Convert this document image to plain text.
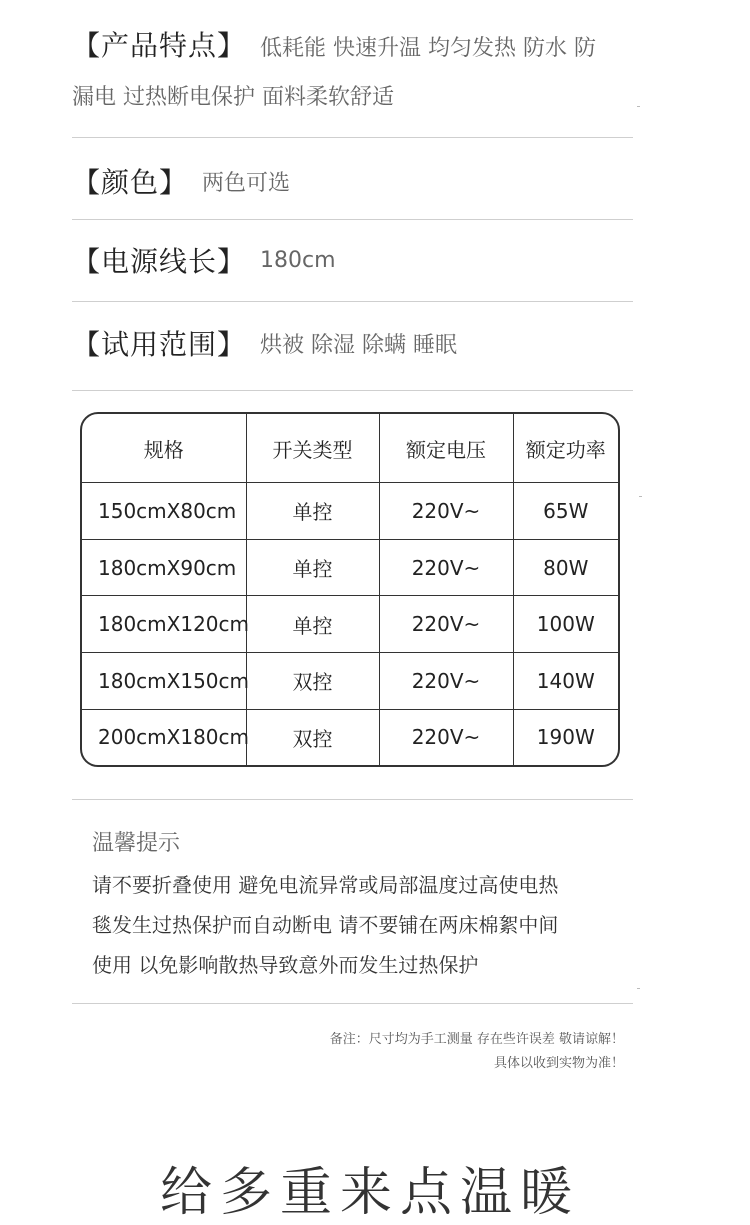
【产品特点】 低耗能 快速升温 均匀发热 防水 防
漏电 过热断电保护 面料柔软舒适
【颜色】 两色可选
【电源线长】 180cm
【试用范围】 烘被 除湿 除螨 睡眠
规格	开关类型	额定电压	额定功率
150cmX80cm	单控	220V~	65W
180cmX90cm	单控	220V~	80W
180cmX120cm	单控	220V~	100W
180cmX150cm	双控	220V~	140W
200cmX180cm	双控	220V~	190W
温馨提示
请不要折叠使用 避免电流异常或局部温度过高使电热
毯发生过热保护而自动断电 请不要铺在两床棉絮中间
使用 以免影响散热导致意外而发生过热保护
备注：尺寸均为手工测量 存在些许误差 敬请谅解！
具体以收到实物为准！
给多重来点温暖
